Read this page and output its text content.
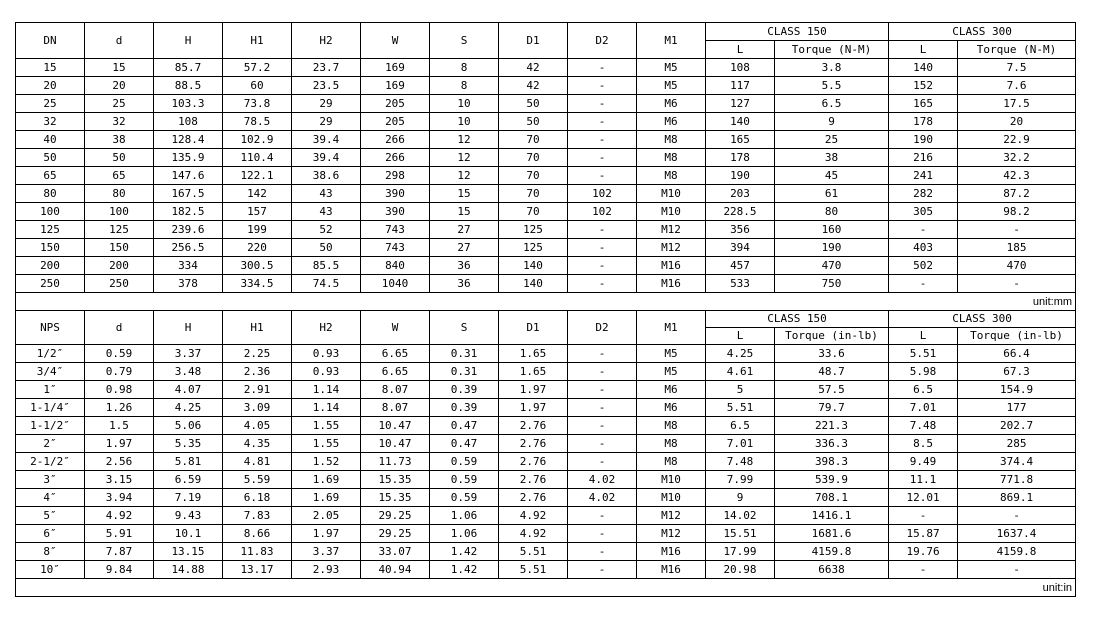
DN	d	H	H1	H2	W	S	D1	D2	M1	CLASS 150		CLASS 300	
										L	Torque (N-M)	L	Torque (N-M)
15	15	85.7	57.2	23.7	169	8	42	-	M5	108	3.8	140	7.5
20	20	88.5	60	23.5	169	8	42	-	M5	117	5.5	152	7.6
25	25	103.3	73.8	29	205	10	50	-	M6	127	6.5	165	17.5
32	32	108	78.5	29	205	10	50	-	M6	140	9	178	20
40	38	128.4	102.9	39.4	266	12	70	-	M8	165	25	190	22.9
50	50	135.9	110.4	39.4	266	12	70	-	M8	178	38	216	32.2
65	65	147.6	122.1	38.6	298	12	70	-	M8	190	45	241	42.3
80	80	167.5	142	43	390	15	70	102	M10	203	61	282	87.2
100	100	182.5	157	43	390	15	70	102	M10	228.5	80	305	98.2
125	125	239.6	199	52	743	27	125	-	M12	356	160	-	-
150	150	256.5	220	50	743	27	125	-	M12	394	190	403	185
200	200	334	300.5	85.5	840	36	140	-	M16	457	470	502	470
250	250	378	334.5	74.5	1040	36	140	-	M16	533	750	-	-
unit:mm													
NPS	d	H	H1	H2	W	S	D1	D2	M1	CLASS 150		CLASS 300	
										L	Torque (in-lb)	L	Torque (in-lb)
1/2″	0.59	3.37	2.25	0.93	6.65	0.31	1.65	-	M5	4.25	33.6	5.51	66.4
3/4″	0.79	3.48	2.36	0.93	6.65	0.31	1.65	-	M5	4.61	48.7	5.98	67.3
1″	0.98	4.07	2.91	1.14	8.07	0.39	1.97	-	M6	5	57.5	6.5	154.9
1-1/4″	1.26	4.25	3.09	1.14	8.07	0.39	1.97	-	M6	5.51	79.7	7.01	177
1-1/2″	1.5	5.06	4.05	1.55	10.47	0.47	2.76	-	M8	6.5	221.3	7.48	202.7
2″	1.97	5.35	4.35	1.55	10.47	0.47	2.76	-	M8	7.01	336.3	8.5	285
2-1/2″	2.56	5.81	4.81	1.52	11.73	0.59	2.76	-	M8	7.48	398.3	9.49	374.4
3″	3.15	6.59	5.59	1.69	15.35	0.59	2.76	4.02	M10	7.99	539.9	11.1	771.8
4″	3.94	7.19	6.18	1.69	15.35	0.59	2.76	4.02	M10	9	708.1	12.01	869.1
5″	4.92	9.43	7.83	2.05	29.25	1.06	4.92	-	M12	14.02	1416.1	-	-
6″	5.91	10.1	8.66	1.97	29.25	1.06	4.92	-	M12	15.51	1681.6	15.87	1637.4
8″	7.87	13.15	11.83	3.37	33.07	1.42	5.51	-	M16	17.99	4159.8	19.76	4159.8
10″	9.84	14.88	13.17	2.93	40.94	1.42	5.51	-	M16	20.98	6638	-	-
unit:in													
